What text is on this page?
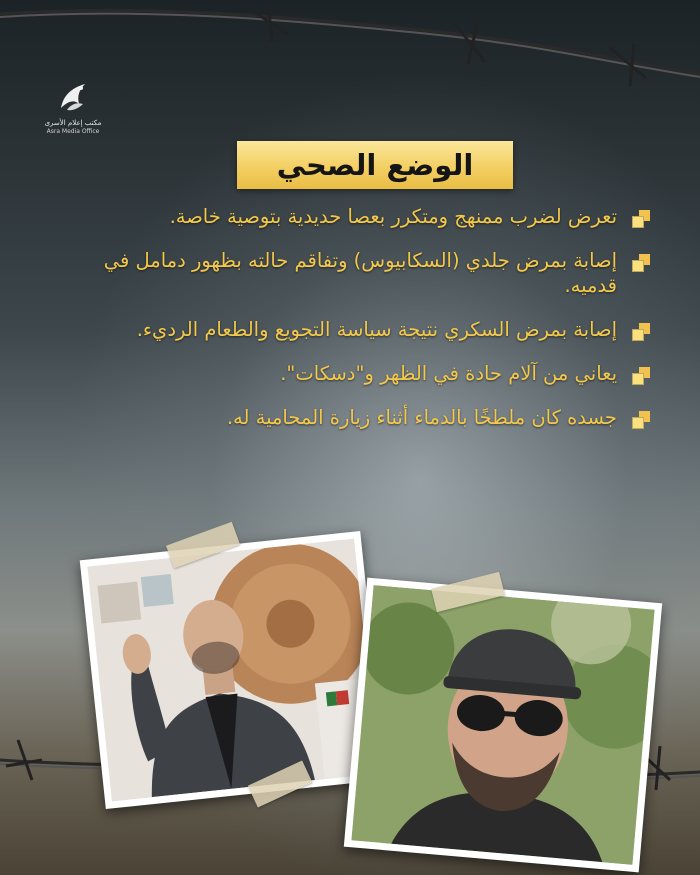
مكتب إعلام الأسرى
Asra Media Office
الوضع الصحي
تعرض لضرب ممنهج ومتكرر بعصا حديدية بتوصية خاصة.
إصابة بمرض جلدي (السكابيوس) وتفاقم حالته بظهور دمامل في قدميه.
إصابة بمرض السكري نتيجة سياسة التجويع والطعام الرديء.
يعاني من آلام حادة في الظهر و"دسكات".
جسده كان ملطخًا بالدماء أثناء زيارة المحامية له.
